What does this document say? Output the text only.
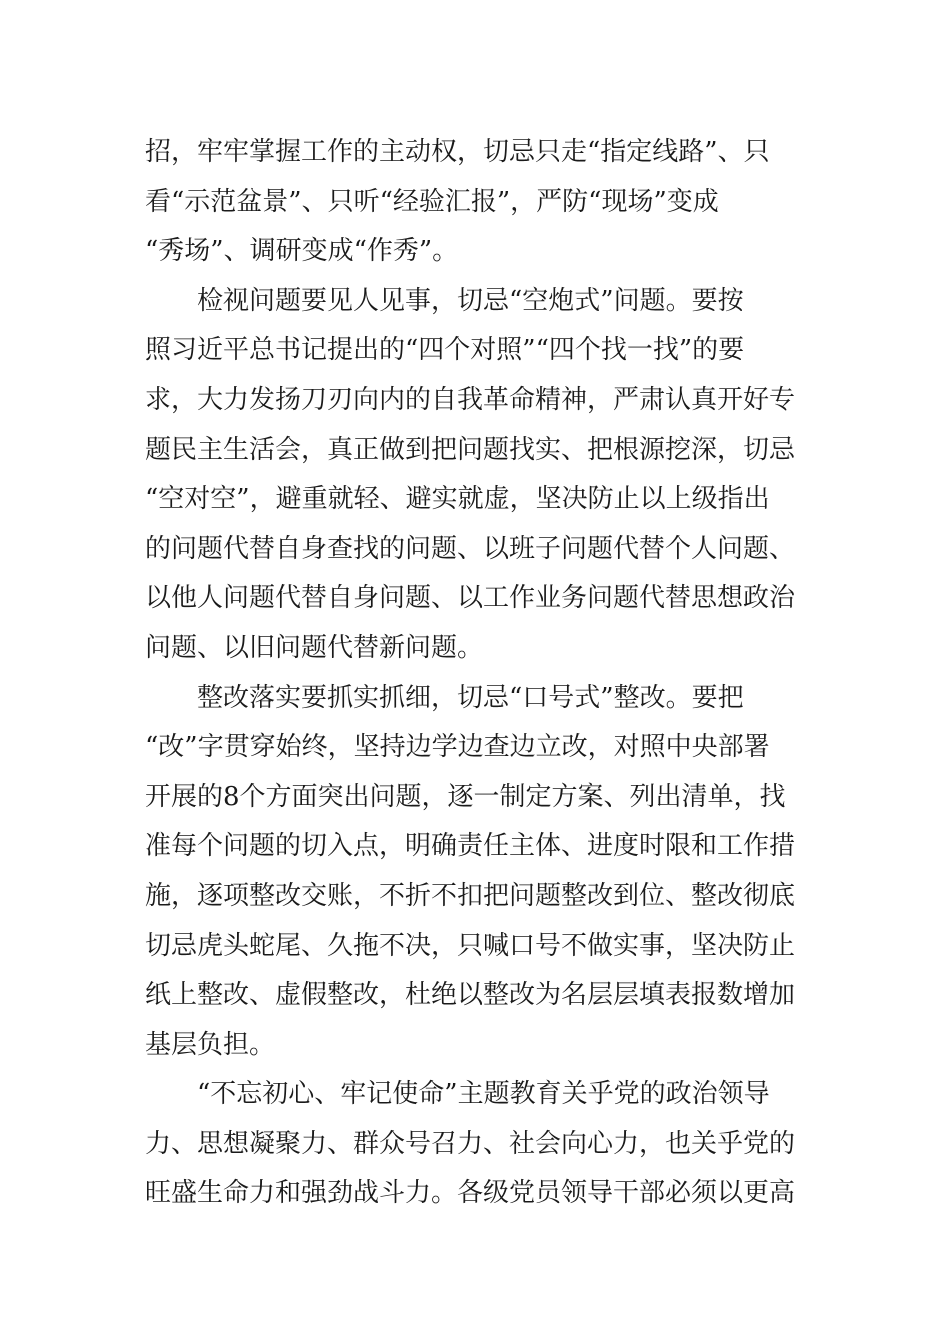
招，牢牢掌握工作的主动权，切忌只走“指定线路”、只
看“示范盆景”、只听“经验汇报”，严防“现场”变成
“秀场”、调研变成“作秀”。
　　检视问题要见人见事，切忌“空炮式”问题。要按
照习近平总书记提出的“四个对照”“四个找一找”的要
求，大力发扬刀刃向内的自我革命精神，严肃认真开好专
题民主生活会，真正做到把问题找实、把根源挖深，切忌
“空对空”，避重就轻、避实就虚，坚决防止以上级指出
的问题代替自身查找的问题、以班子问题代替个人问题、
以他人问题代替自身问题、以工作业务问题代替思想政治
问题、以旧问题代替新问题。
　　整改落实要抓实抓细，切忌“口号式”整改。要把
“改”字贯穿始终，坚持边学边查边立改，对照中央部署
开展的8个方面突出问题，逐一制定方案、列出清单，找
准每个问题的切入点，明确责任主体、进度时限和工作措
施，逐项整改交账，不折不扣把问题整改到位、整改彻底
切忌虎头蛇尾、久拖不决，只喊口号不做实事，坚决防止
纸上整改、虚假整改，杜绝以整改为名层层填表报数增加
基层负担。
　　“不忘初心、牢记使命”主题教育关乎党的政治领导
力、思想凝聚力、群众号召力、社会向心力，也关乎党的
旺盛生命力和强劲战斗力。各级党员领导干部必须以更高
